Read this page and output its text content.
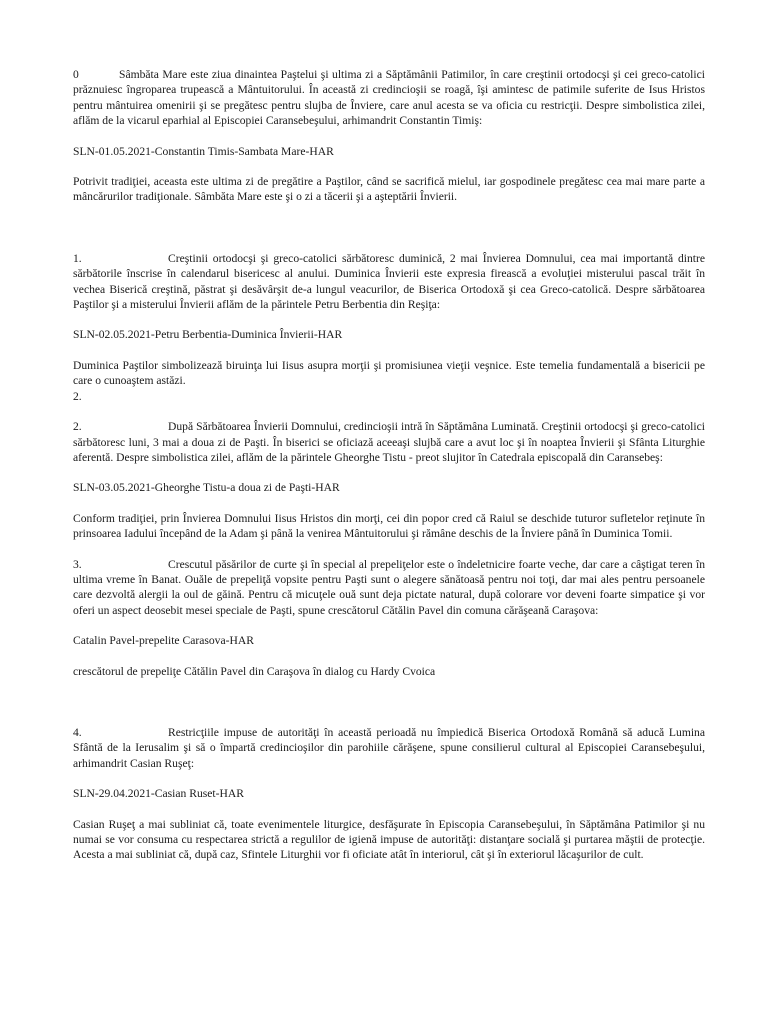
0	Sâmbăta Mare este ziua dinaintea Paştelui şi ultima zi a Săptămânii Patimilor, în care creştinii ortodocşi şi cei greco-catolici prăznuiesc îngroparea trupească a Mântuitorului. În această zi credincioşii se roagă, îşi amintesc de patimile suferite de Isus Hristos pentru mântuirea omenirii şi se pregătesc pentru slujba de Înviere, care anul acesta se va oficia cu restricţii. Despre simbolistica zilei, aflăm de la vicarul eparhial al Episcopiei Caransebeşului, arhimandrit Constantin Timiş:

SLN-01.05.2021-Constantin Timis-Sambata Mare-HAR

Potrivit tradiţiei, aceasta este ultima zi de pregătire a Paştilor, când se sacrifică mielul, iar gospodinele pregătesc cea mai mare parte a mâncărurilor tradiţionale. Sâmbăta Mare este şi o zi a tăcerii şi a aşteptării Învierii.

1.	Creştinii ortodocşi şi greco-catolici sărbătoresc duminică, 2 mai Învierea Domnului, cea mai importantă dintre sărbătorile înscrise în calendarul bisericesc al anului. Duminica Învierii este expresia firească a evoluţiei misterului pascal trăit în vechea Biserică creştină, păstrat şi desăvârşit de-a lungul veacurilor, de Biserica Ortodoxă şi cea Greco-catolică. Despre sărbătoarea Paştilor şi a misterului Învierii aflăm de la părintele Petru Berbentia din Reşiţa:

SLN-02.05.2021-Petru Berbentia-Duminica Învierii-HAR

Duminica Paştilor simbolizează biruinţa lui Iisus asupra morţii şi promisiunea vieţii veşnice. Este temelia fundamentală a bisericii pe care o cunoaştem astăzi.

2.

2.	După Sărbătoarea Învierii Domnului, credincioşii intră în Săptămâna Luminată. Creştinii ortodocşi şi greco-catolici sărbătoresc luni, 3 mai a doua zi de Paşti. În biserici se oficiază aceeaşi slujbă care a avut loc şi în noaptea Învierii şi Sfânta Liturghie aferentă. Despre simbolistica zilei, aflăm de la părintele Gheorghe Tistu - preot slujitor în Catedrala episcopală din Caransebeş:

SLN-03.05.2021-Gheorghe Tistu-a doua zi de Paşti-HAR

Conform tradiţiei, prin Învierea Domnului Iisus Hristos din morţi, cei din popor cred că Raiul se deschide tuturor sufletelor reţinute în prinsoarea Iadului începând de la Adam şi până la venirea Mântuitorului şi rămâne deschis de la Înviere până în Duminica Tomii.

3.	Crescutul păsărilor de curte şi în special al prepeliţelor este o îndeletnicire foarte veche, dar care a câştigat teren în ultima vreme în Banat. Ouăle de prepeliţă vopsite pentru Paşti sunt o alegere sănătoasă pentru noi toţi, dar mai ales pentru persoanele care dezvoltă alergii la oul de găină. Pentru că micuţele ouă sunt deja pictate natural, după colorare vor deveni foarte simpatice şi vor oferi un aspect deosebit mesei speciale de Paşti, spune crescătorul Cătălin Pavel din comuna cărăşeană Caraşova:

Catalin Pavel-prepelite Carasova-HAR

crescătorul de prepeliţe Cătălin Pavel din Caraşova în dialog cu Hardy Cvoica

4.	Restricţiile impuse de autorităţi în această perioadă nu împiedică Biserica Ortodoxă Română să aducă Lumina Sfântă de la Ierusalim şi să o împartă credincioşilor din parohiile cărăşene, spune consilierul cultural al Episcopiei Caransebeşului, arhimandrit Casian Ruşeţ:

SLN-29.04.2021-Casian Ruset-HAR

Casian Ruşeţ a mai subliniat că, toate evenimentele liturgice, desfăşurate în Episcopia Caransebeşului, în Săptămâna Patimilor şi nu numai se vor consuma cu respectarea strictă a regulilor de igienă impuse de autorităţi: distanţare socială şi purtarea măştii de protecţie. Acesta a mai subliniat că, după caz, Sfintele Liturghii vor fi oficiate atât în interiorul, cât şi în exteriorul lăcaşurilor de cult.
